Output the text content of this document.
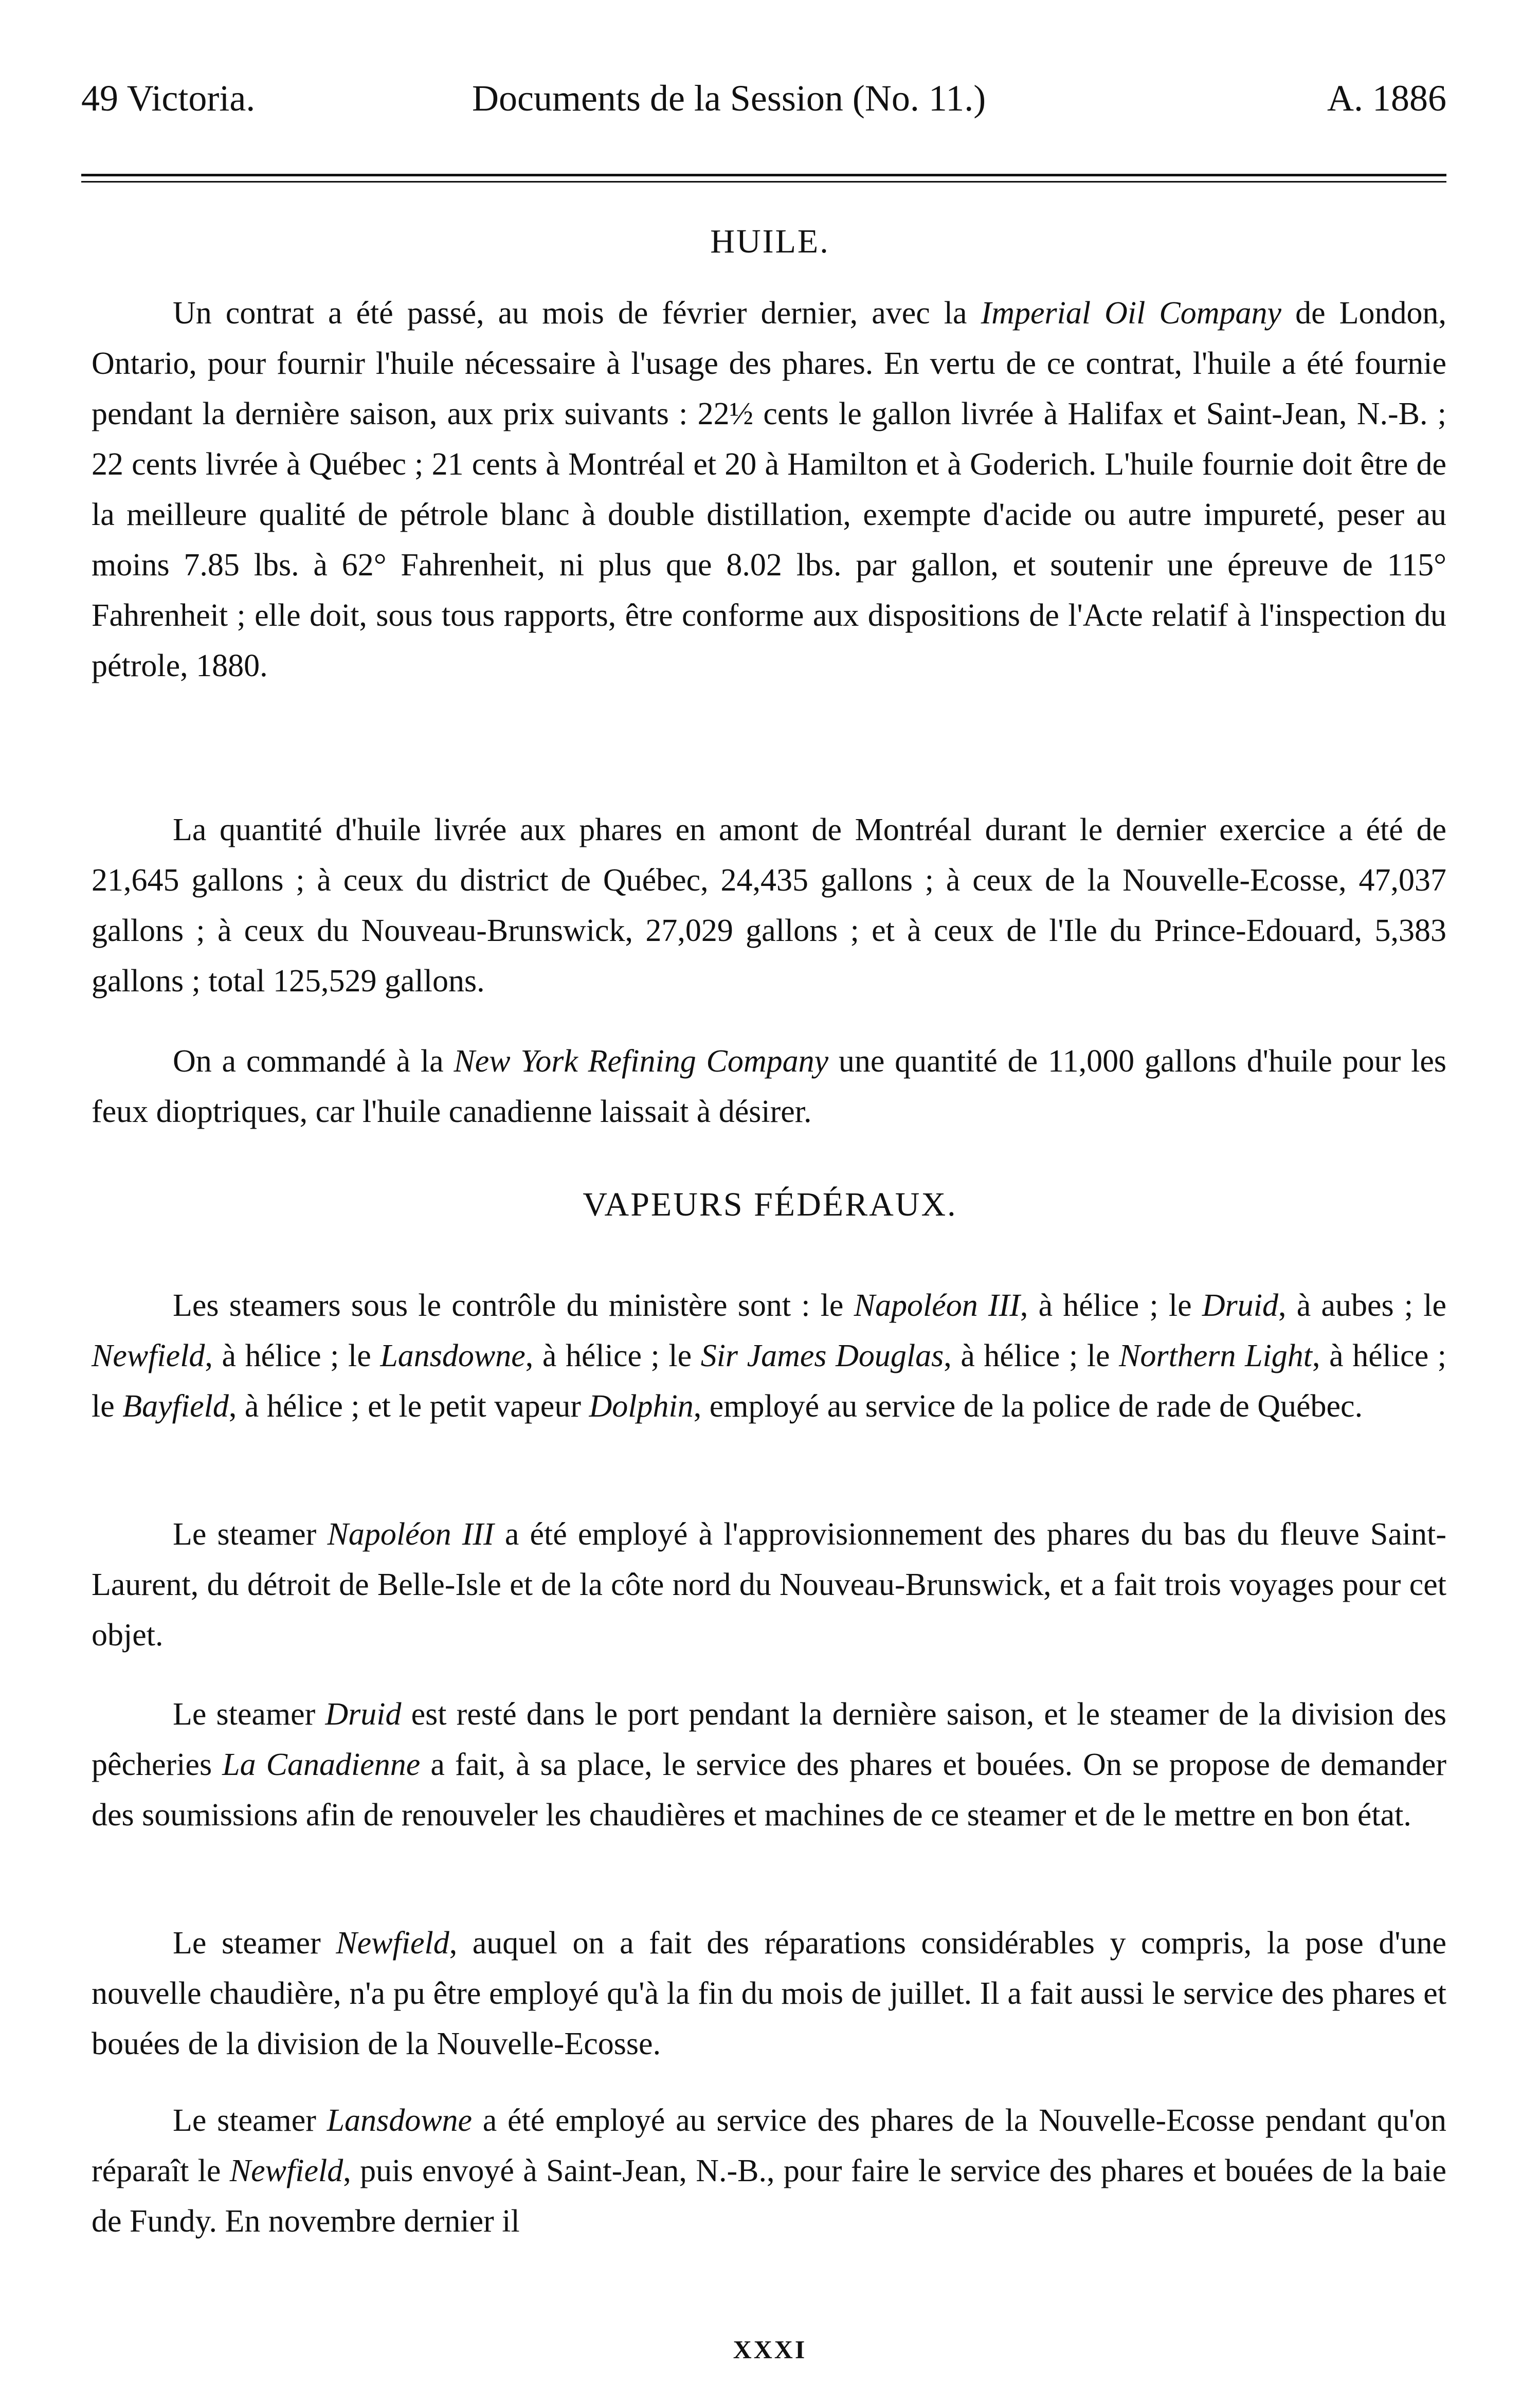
49 Victoria.	Documents de la Session (No. 11.)	A. 1886
HUILE.

Un contrat a été passé, au mois de février dernier, avec la Imperial Oil Company de London, Ontario, pour fournir l'huile nécessaire à l'usage des phares. En vertu de ce contrat, l'huile a été fournie pendant la dernière saison, aux prix suivants : 22½ cents le gallon livrée à Halifax et Saint-Jean, N.-B. ; 22 cents livrée à Québec ; 21 cents à Montréal et 20 à Hamilton et à Goderich. L'huile fournie doit être de la meilleure qualité de pétrole blanc à double distillation, exempte d'acide ou autre impureté, peser au moins 7.85 lbs. à 62° Fahrenheit, ni plus que 8.02 lbs. par gallon, et soutenir une épreuve de 115° Fahrenheit ; elle doit, sous tous rapports, être conforme aux dispositions de l'Acte relatif à l'inspection du pétrole, 1880.

La quantité d'huile livrée aux phares en amont de Montréal durant le dernier exercice a été de 21,645 gallons ; à ceux du district de Québec, 24,435 gallons ; à ceux de la Nouvelle-Ecosse, 47,037 gallons ; à ceux du Nouveau-Brunswick, 27,029 gallons ; et à ceux de l'Ile du Prince-Edouard, 5,383 gallons ; total 125,529 gallons.

On a commandé à la New York Refining Company une quantité de 11,000 gallons d'huile pour les feux dioptriques, car l'huile canadienne laissait à désirer.

VAPEURS FÉDÉRAUX.

Les steamers sous le contrôle du ministère sont : le Napoléon III, à hélice ; le Druid, à aubes ; le Newfield, à hélice ; le Lansdowne, à hélice ; le Sir James Douglas, à hélice ; le Northern Light, à hélice ; le Bayfield, à hélice ; et le petit vapeur Dolphin, employé au service de la police de rade de Québec.

Le steamer Napoléon III a été employé à l'approvisionnement des phares du bas du fleuve Saint-Laurent, du détroit de Belle-Isle et de la côte nord du Nouveau-Brunswick, et a fait trois voyages pour cet objet.

Le steamer Druid est resté dans le port pendant la dernière saison, et le steamer de la division des pêcheries La Canadienne a fait, à sa place, le service des phares et bouées. On se propose de demander des soumissions afin de renouveler les chaudières et machines de ce steamer et de le mettre en bon état.

Le steamer Newfield, auquel on a fait des réparations considérables y compris, la pose d'une nouvelle chaudière, n'a pu être employé qu'à la fin du mois de juillet. Il a fait aussi le service des phares et bouées de la division de la Nouvelle-Ecosse.

Le steamer Lansdowne a été employé au service des phares de la Nouvelle-Ecosse pendant qu'on réparaît le Newfield, puis envoyé à Saint-Jean, N.-B., pour faire le service des phares et bouées de la baie de Fundy. En novembre dernier il

XXXI
